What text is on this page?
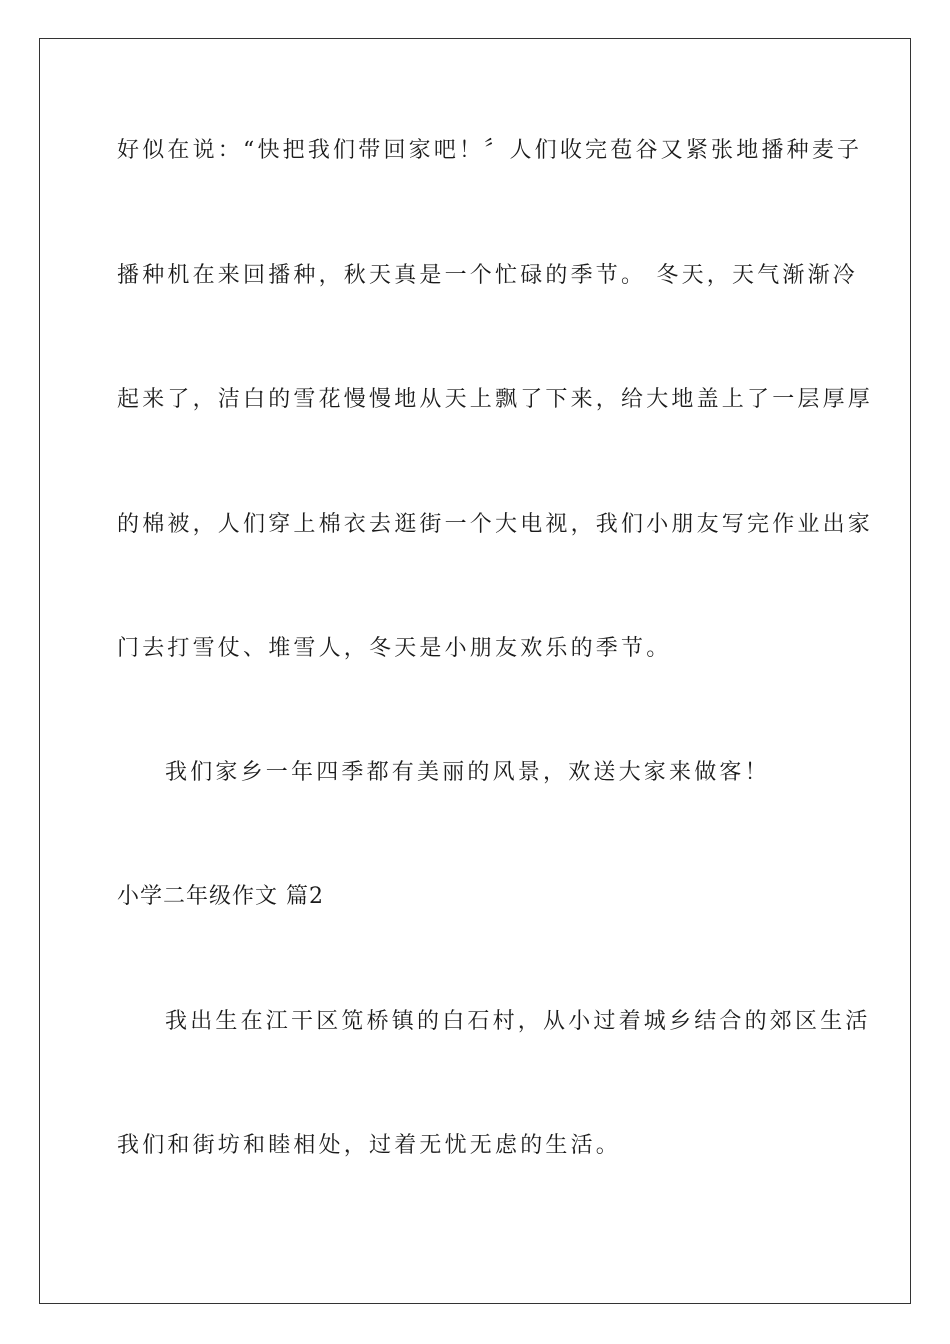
好似在说：“快把我们带回家吧！〞人们收完苞谷又紧张地播种麦子
播种机在来回播种，秋天真是一个忙碌的季节。 冬天，天气渐渐冷
起来了，洁白的雪花慢慢地从天上飘了下来，给大地盖上了一层厚厚
的棉被，人们穿上棉衣去逛街一个大电视，我们小朋友写完作业出家
门去打雪仗、堆雪人，冬天是小朋友欢乐的季节。
我们家乡一年四季都有美丽的风景，欢送大家来做客！
小学二年级作文 篇2
我出生在江干区笕桥镇的白石村，从小过着城乡结合的郊区生活
我们和街坊和睦相处，过着无忧无虑的生活。
